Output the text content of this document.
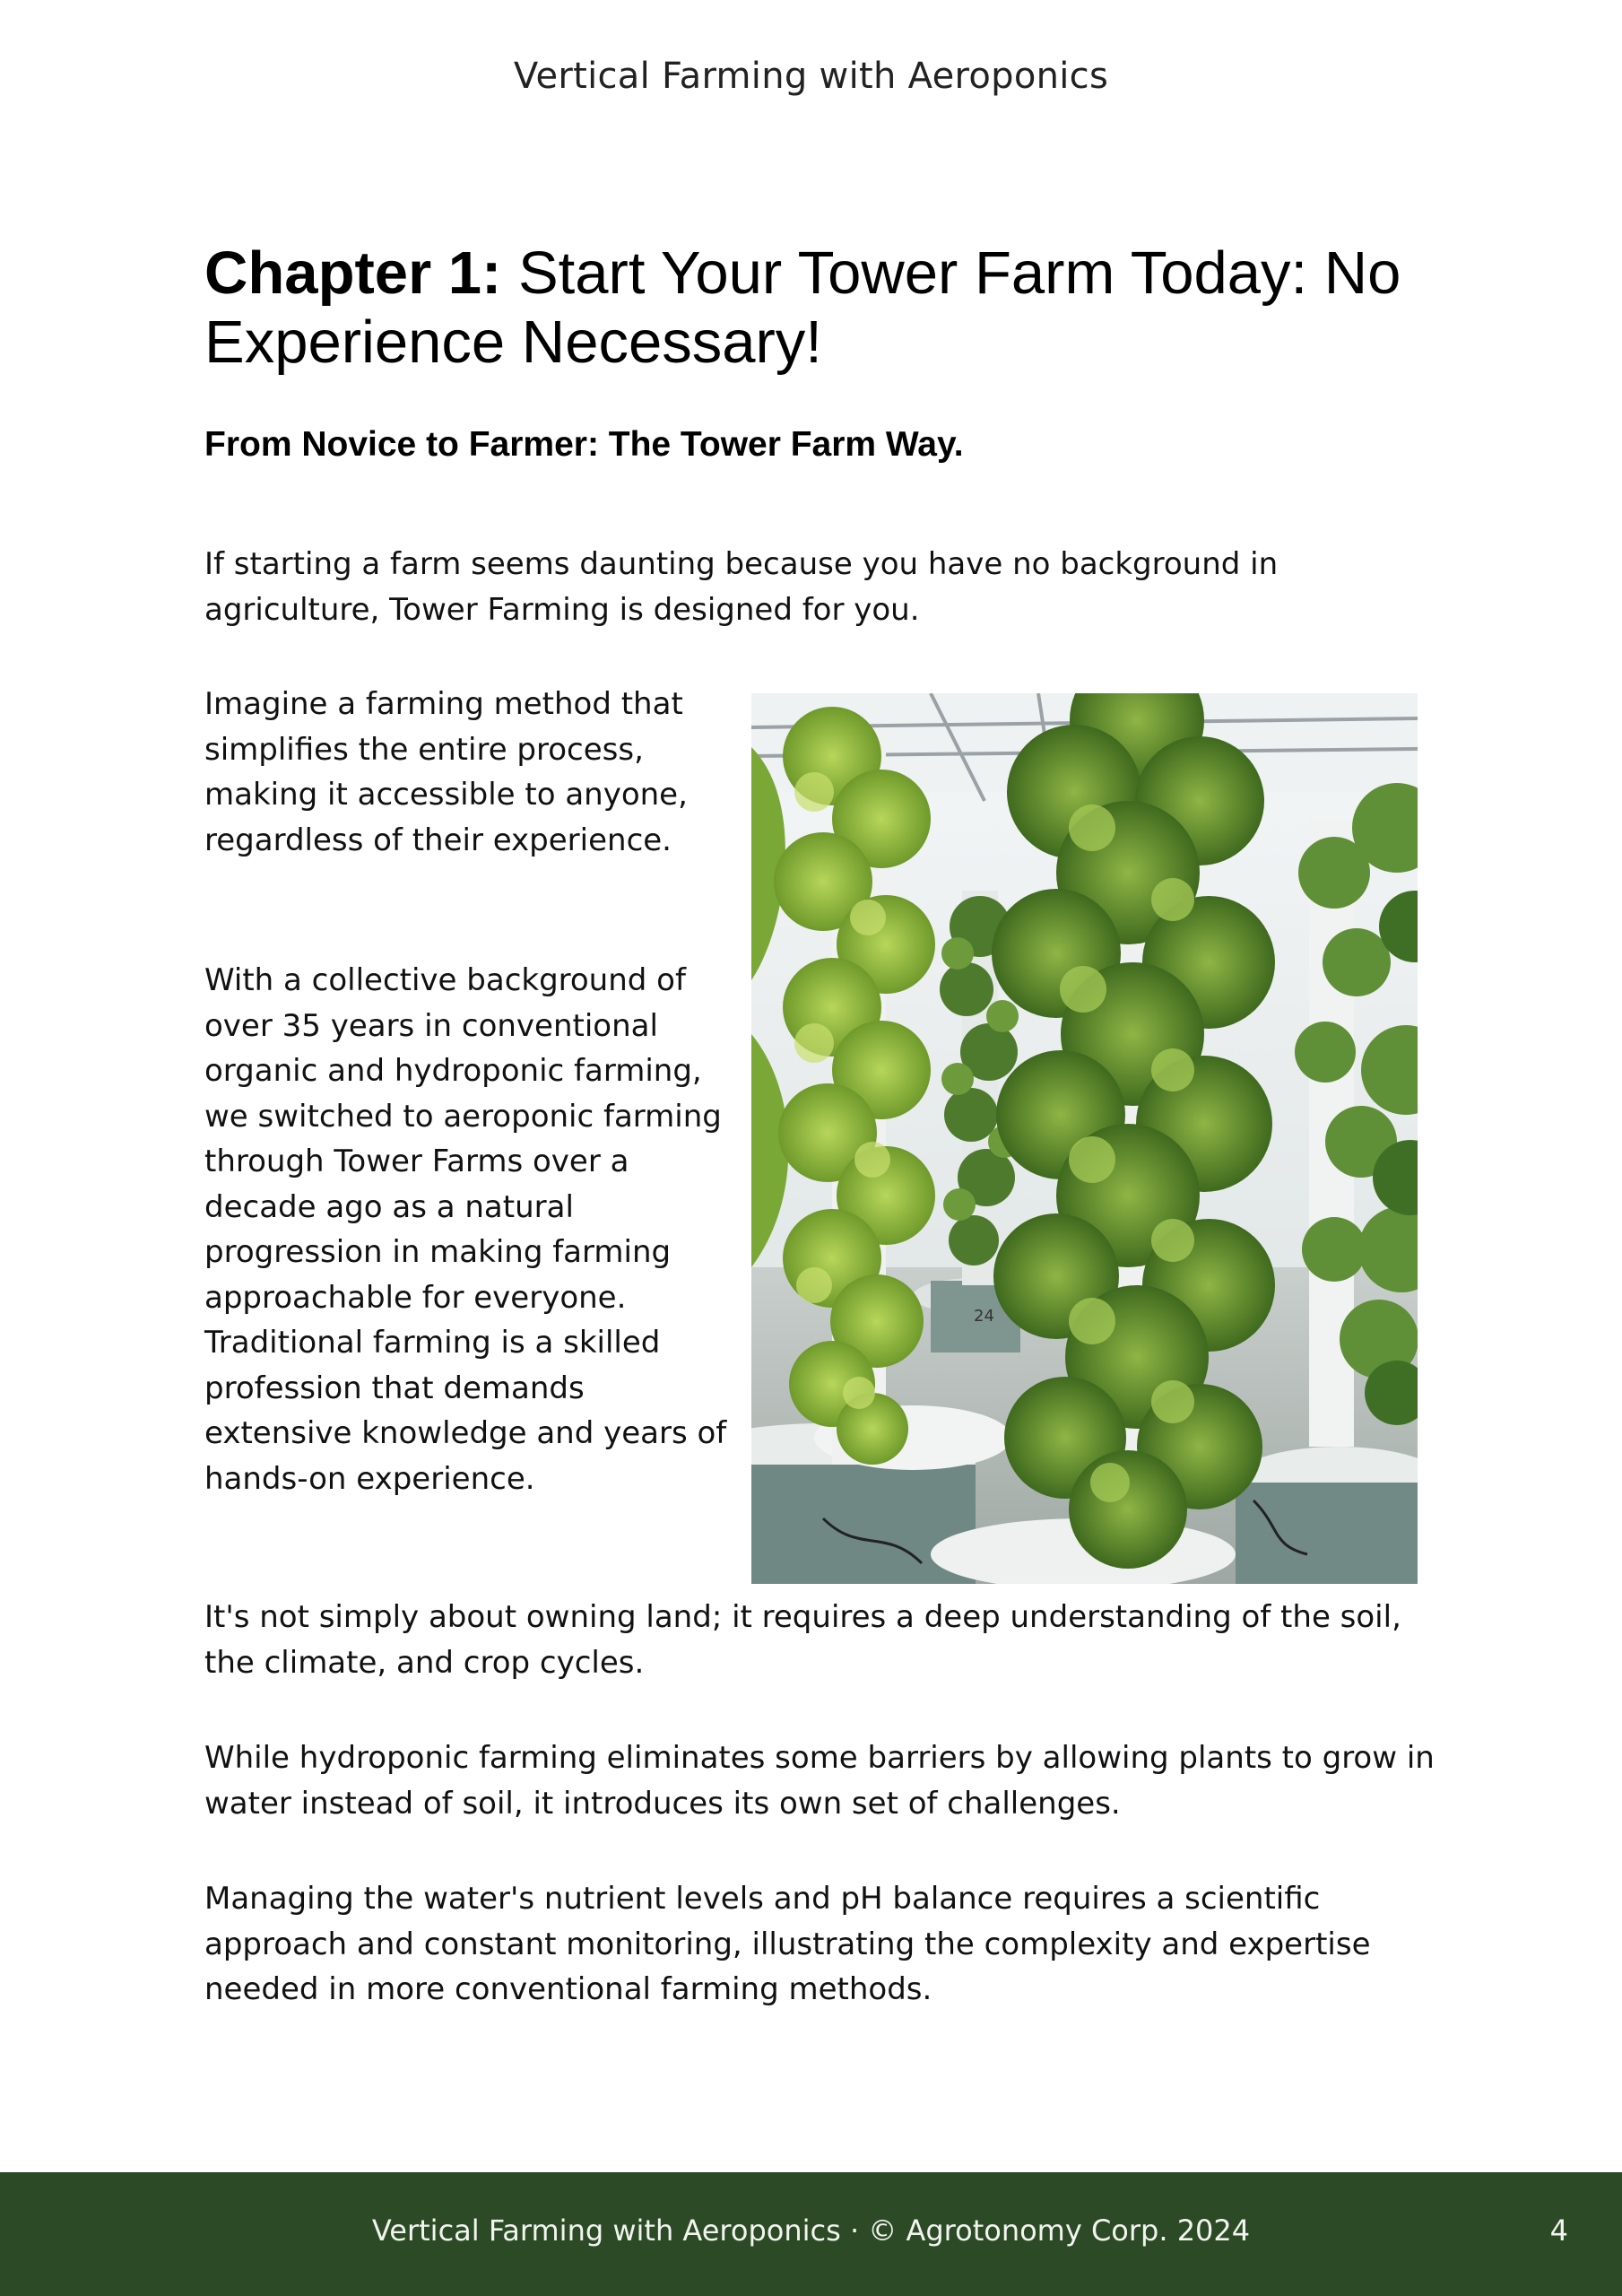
Vertical Farming with Aeroponics
Chapter 1: Start Your Tower Farm Today: No Experience Necessary!
From Novice to Farmer: The Tower Farm Way.

If starting a farm seems daunting because you have no background in agriculture, Tower Farming is designed for you.

Imagine a farming method that simplifies the entire process, making it accessible to anyone, regardless of their experience.

With a collective background of over 35 years in conventional organic and hydroponic farming, we switched to aeroponic farming through Tower Farms over a decade ago as a natural progression in making farming approachable for everyone. Traditional farming is a skilled profession that demands extensive knowledge and years of hands-on experience.

It's not simply about owning land; it requires a deep understanding of the soil, the climate, and crop cycles.

While hydroponic farming eliminates some barriers by allowing plants to grow in water instead of soil, it introduces its own set of challenges.

Managing the water's nutrient levels and pH balance requires a scientific approach and constant monitoring, illustrating the complexity and expertise needed in more conventional farming methods.

24
Vertical Farming with Aeroponics · © Agrotonomy Corp. 2024	4
